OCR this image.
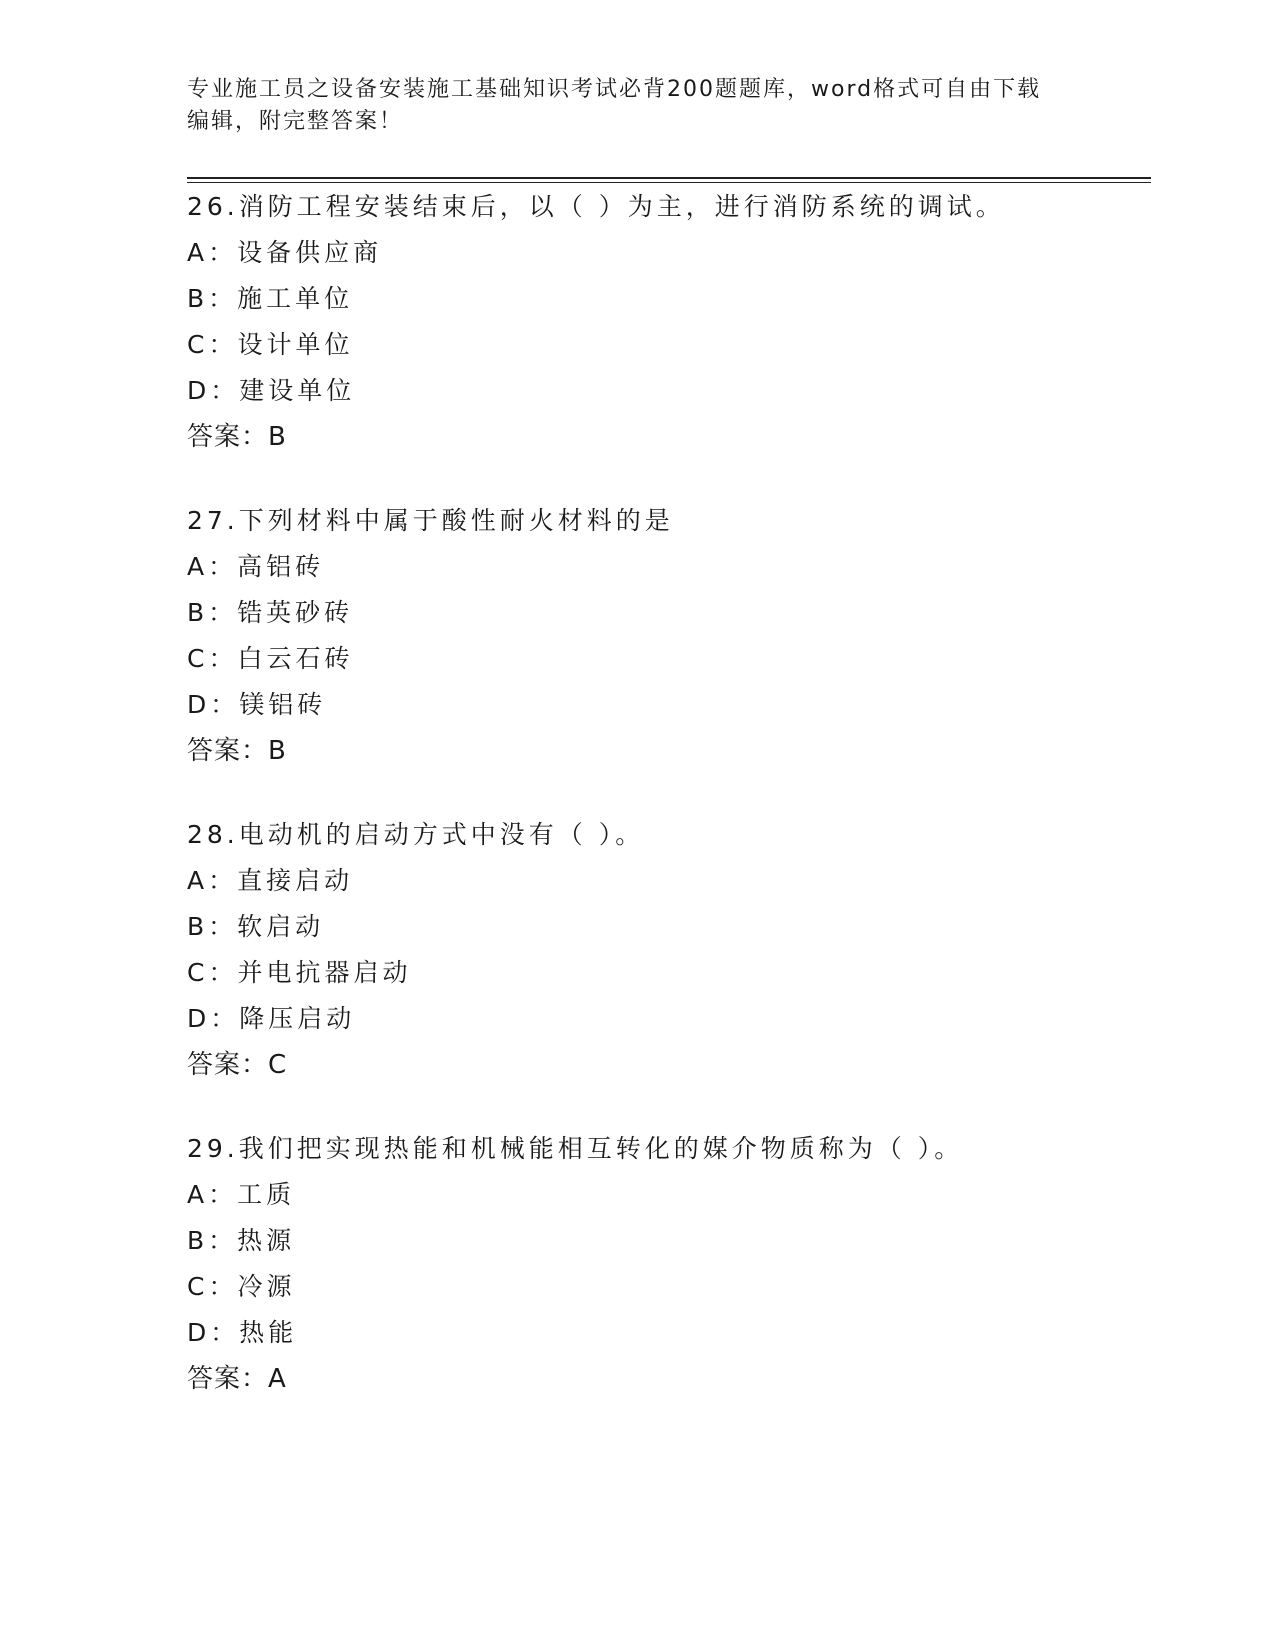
专业施工员之设备安装施工基础知识考试必背200题题库，word格式可自由下载
编辑，附完整答案！
26.消防工程安装结束后，以（ ）为主，进行消防系统的调试。
A：设备供应商
B：施工单位
C：设计单位
D：建设单位
答案：B
27.下列材料中属于酸性耐火材料的是
A：高铝砖
B：锆英砂砖
C：白云石砖
D：镁铝砖
答案：B
28.电动机的启动方式中没有（ ）。
A：直接启动
B：软启动
C：并电抗器启动
D：降压启动
答案：C
29.我们把实现热能和机械能相互转化的媒介物质称为（ ）。
A：工质
B：热源
C：冷源
D：热能
答案：A
